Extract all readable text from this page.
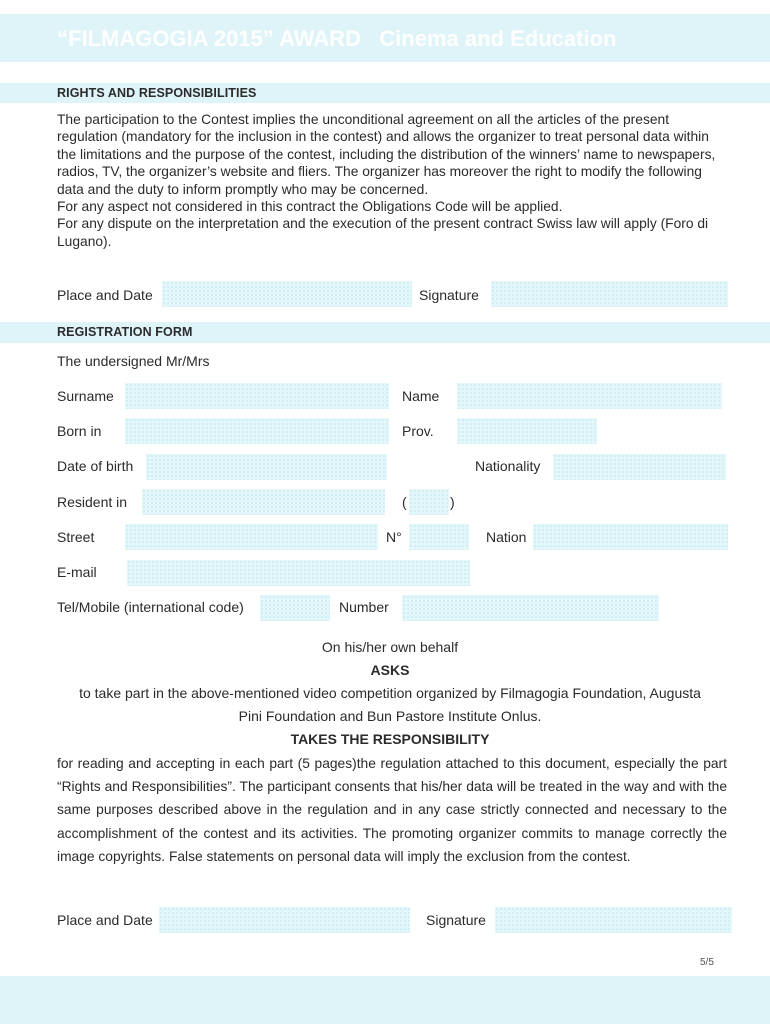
“FILMAGOGIA 2015” AWARD   Cinema and Education
RIGHTS AND RESPONSIBILITIES
The participation to the Contest implies the unconditional agreement on all the articles of the present regulation (mandatory for the inclusion in the contest) and allows the organizer to treat personal data within the limitations and the purpose of the contest, including the distribution of the winners’ name to newspapers, radios, TV, the organizer’s website and fliers. The organizer has moreover the right to modify the following data and the duty to inform promptly who may be concerned.
For any aspect not considered in this contract the Obligations Code will be applied.
For any dispute on the interpretation and the execution of the present contract Swiss law will apply (Foro di Lugano).
Place and Date	Signature
REGISTRATION FORM
The undersigned Mr/Mrs
Surname	Name
Born in	Prov.
Date of birth	Nationality
Resident in	(	)
Street	N°	Nation
E-mail
Tel/Mobile (international code)	Number
On his/her own behalf
ASKS
to take part in the above-mentioned video competition organized by Filmagogia Foundation, Augusta
Pini Foundation and Bun Pastore Institute Onlus.
TAKES THE RESPONSIBILITY
for reading and accepting in each part (5 pages)the regulation attached to this document, especially the part “Rights and Responsibilities”. The participant consents that his/her data will be treated in the way and with the same purposes described above in the regulation and in any case strictly connected and necessary to the accomplishment of the contest and its activities. The promoting organizer commits to manage correctly the image copyrights. False statements on personal data will imply the exclusion from the contest.
Place and Date	Signature
5/5
